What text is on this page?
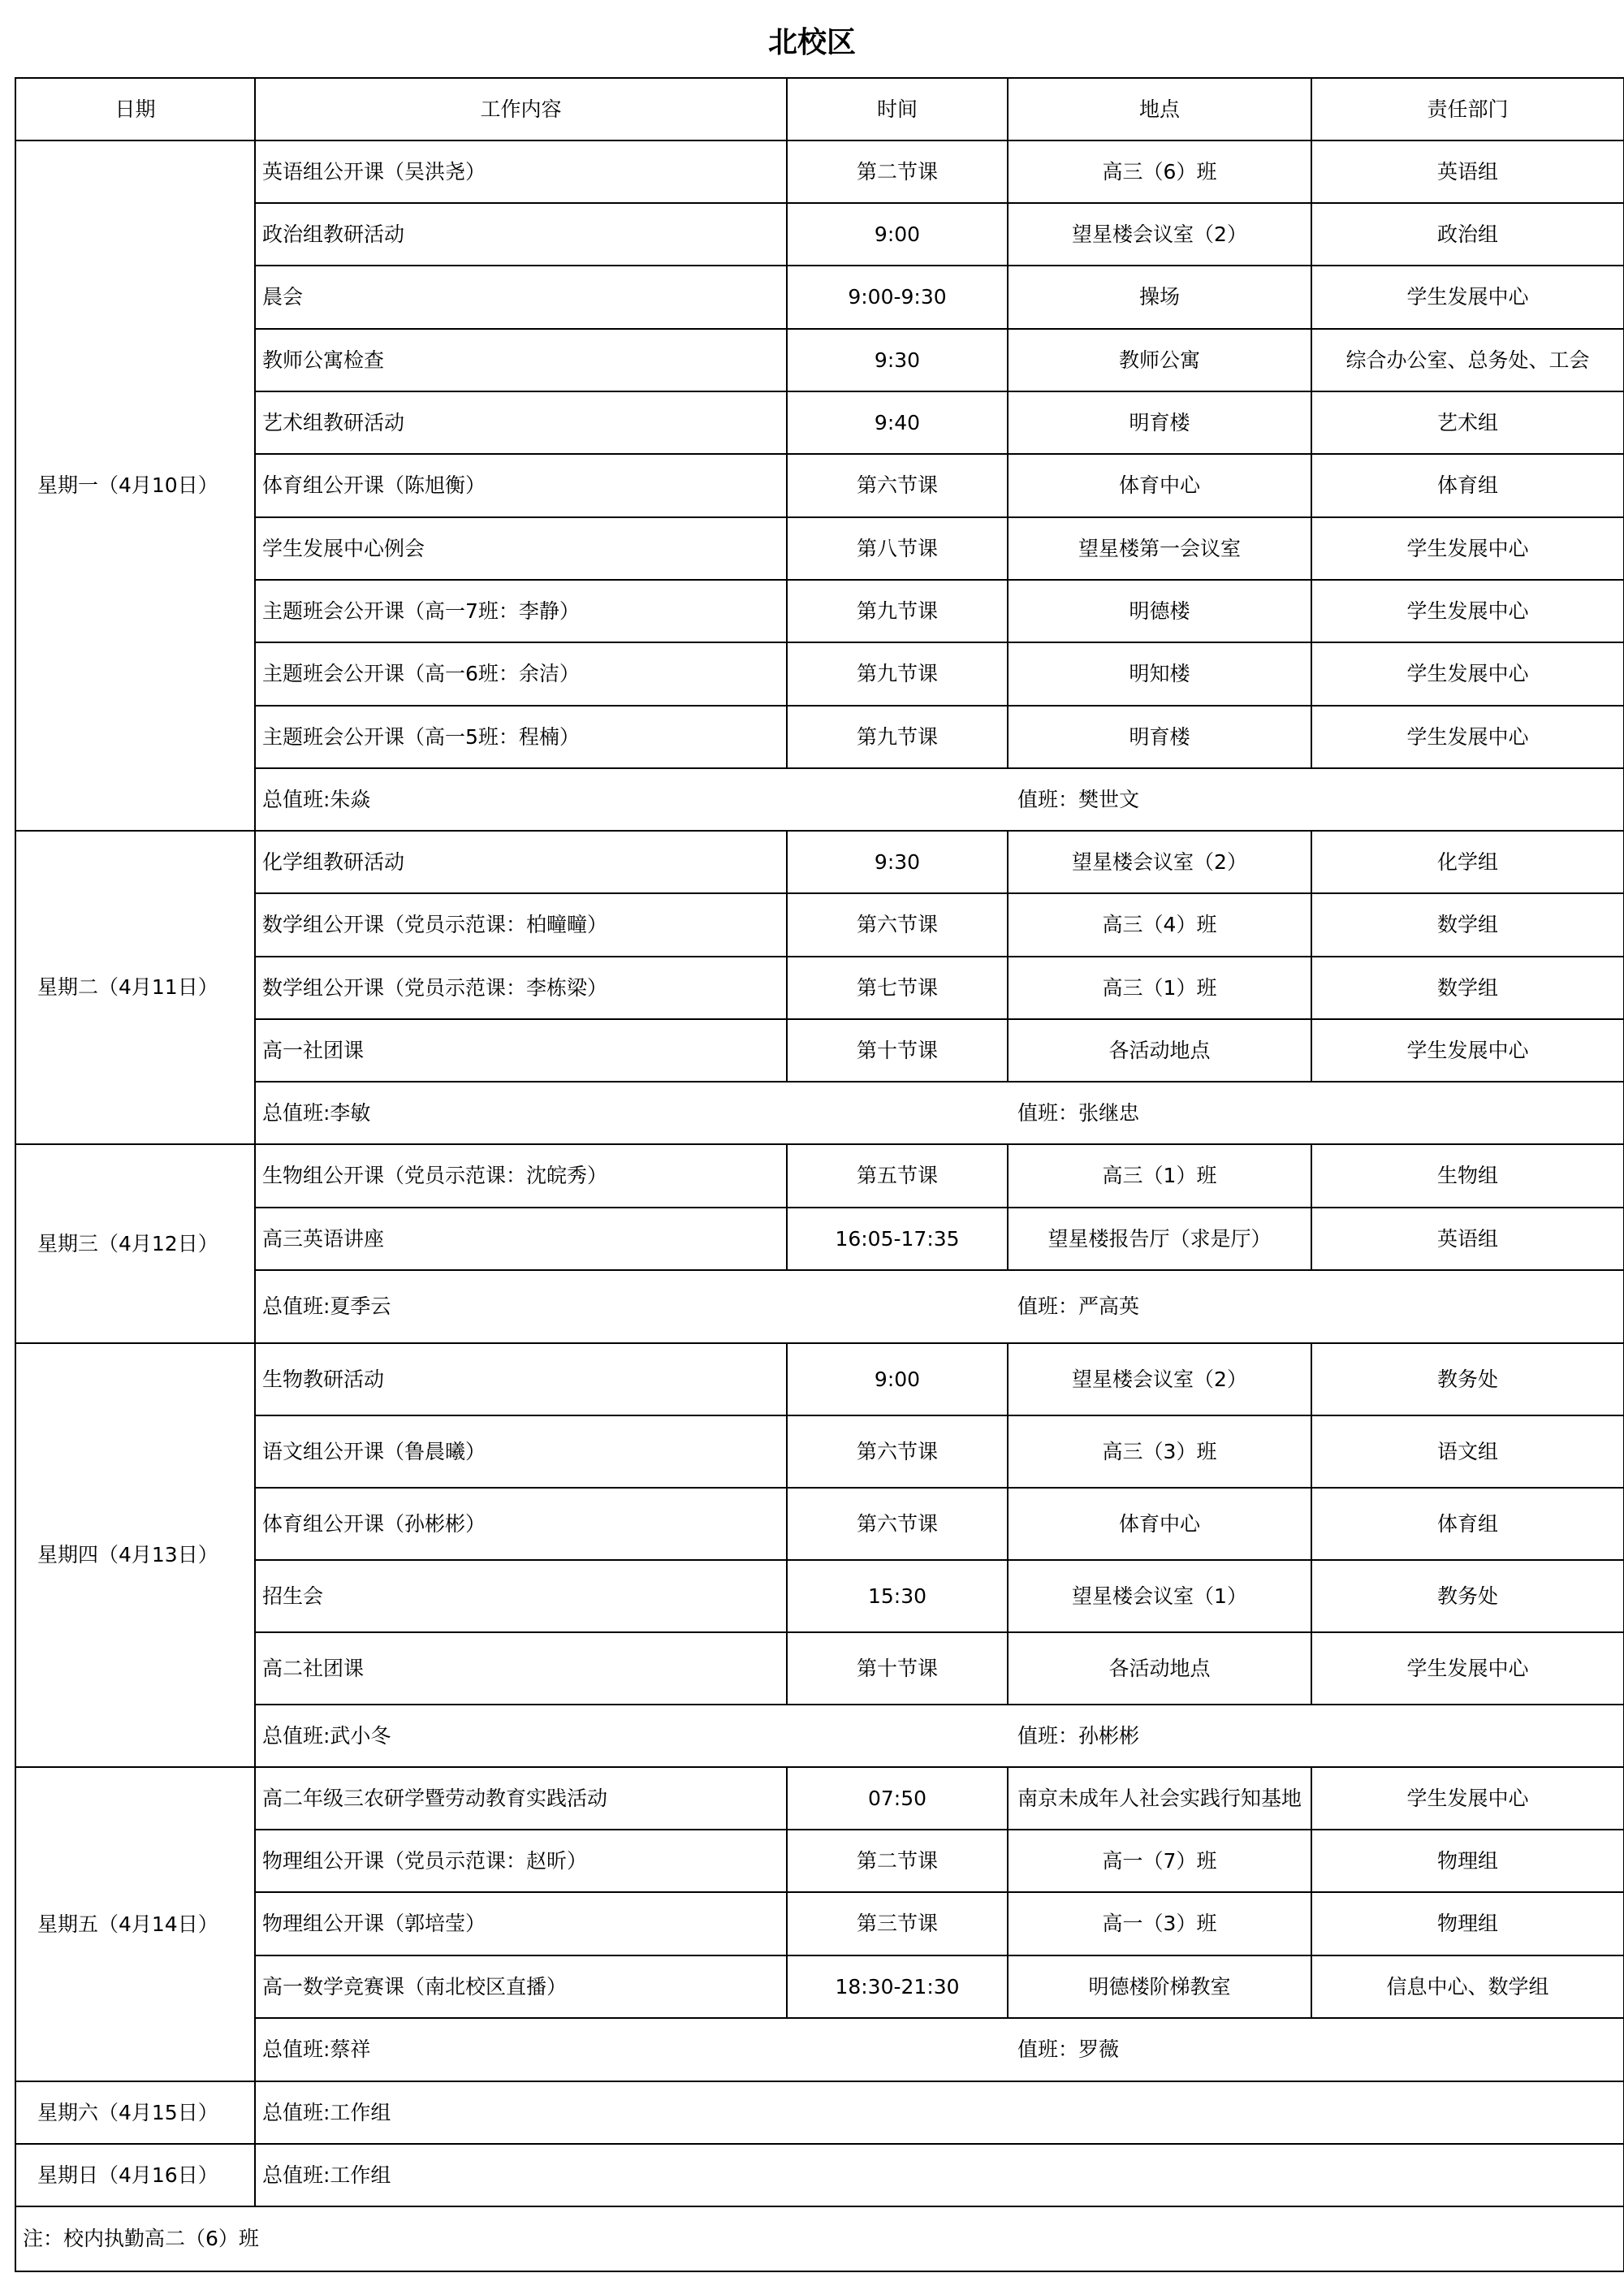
北校区
日期	工作内容	时间	地点	责任部门
星期一（4月10日）	英语组公开课（吴洪尧）	第二节课	高三（6）班	英语组
	政治组教研活动	9:00	望星楼会议室（2）	政治组
	晨会	9:00-9:30	操场	学生发展中心
	教师公寓检查	9:30	教师公寓	综合办公室、总务处、工会
	艺术组教研活动	9:40	明育楼	艺术组
	体育组公开课（陈旭衡）	第六节课	体育中心	体育组
	学生发展中心例会	第八节课	望星楼第一会议室	学生发展中心
	主题班会公开课（高一7班：李静）	第九节课	明德楼	学生发展中心
	主题班会公开课（高一6班：余洁）	第九节课	明知楼	学生发展中心
	主题班会公开课（高一5班：程楠）	第九节课	明育楼	学生发展中心
	总值班:朱焱 值班：樊世文			
星期二（4月11日）	化学组教研活动	9:30	望星楼会议室（2）	化学组
	数学组公开课（党员示范课：柏疃疃）	第六节课	高三（4）班	数学组
	数学组公开课（党员示范课：李栋梁）	第七节课	高三（1）班	数学组
	高一社团课	第十节课	各活动地点	学生发展中心
	总值班:李敏 值班：张继忠			
星期三（4月12日）	生物组公开课（党员示范课：沈皖秀）	第五节课	高三（1）班	生物组
	高三英语讲座	16:05-17:35	望星楼报告厅（求是厅）	英语组
	总值班:夏季云 值班：严高英			
星期四（4月13日）	生物教研活动	9:00	望星楼会议室（2）	教务处
	语文组公开课（鲁晨曦）	第六节课	高三（3）班	语文组
	体育组公开课（孙彬彬）	第六节课	体育中心	体育组
	招生会	15:30	望星楼会议室（1）	教务处
	高二社团课	第十节课	各活动地点	学生发展中心
	总值班:武小冬 值班：孙彬彬			
星期五（4月14日）	高二年级三农研学暨劳动教育实践活动	07:50	南京未成年人社会实践行知基地	学生发展中心
	物理组公开课（党员示范课：赵昕）	第二节课	高一（7）班	物理组
	物理组公开课（郭培莹）	第三节课	高一（3）班	物理组
	高一数学竞赛课（南北校区直播）	18:30-21:30	明德楼阶梯教室	信息中心、数学组
	总值班:蔡祥 值班：罗薇			
星期六（4月15日）	总值班:工作组			
星期日（4月16日）	总值班:工作组			
注：校内执勤高二（6）班				
